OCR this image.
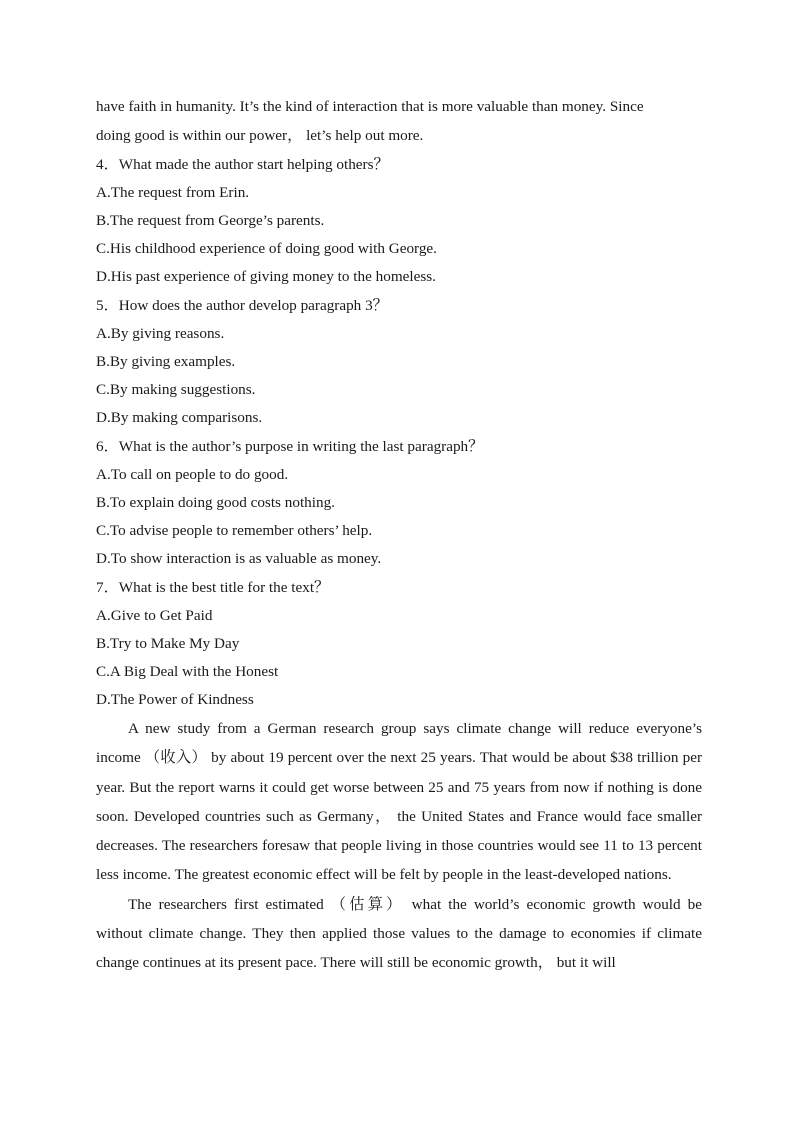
have faith in humanity. It’s the kind of interaction that is more valuable than money. Since

doing good is within our power， let’s help out more.

4．What made the author start helping others？
A.The request from Erin.
B.The request from George’s parents.
C.His childhood experience of doing good with George.
D.His past experience of giving money to the homeless.
5．How does the author develop paragraph 3？
A.By giving reasons.
B.By giving examples.
C.By making suggestions.
D.By making comparisons.
6．What is the author’s purpose in writing the last paragraph？
A.To call on people to do good.
B.To explain doing good costs nothing.
C.To advise people to remember others’ help.
D.To show interaction is as valuable as money.
7．What is the best title for the text？
A.Give to Get Paid
B.Try to Make My Day
C.A Big Deal with the Honest
D.The Power of Kindness

A new study from a German research group says climate change will reduce everyone’s income （收入） by about 19 percent over the next 25 years. That would be about $38 trillion per year. But the report warns it could get worse between 25 and 75 years from now if nothing is done soon. Developed countries such as Germany， the United States and France would face smaller decreases. The researchers foresaw that people living in those countries would see 11 to 13 percent less income. The greatest economic effect will be felt by people in the least-developed nations.

The researchers first estimated （估算） what the world’s economic growth would be without climate change. They then applied those values to the damage to economies if climate change continues at its present pace. There will still be economic growth， but it will
